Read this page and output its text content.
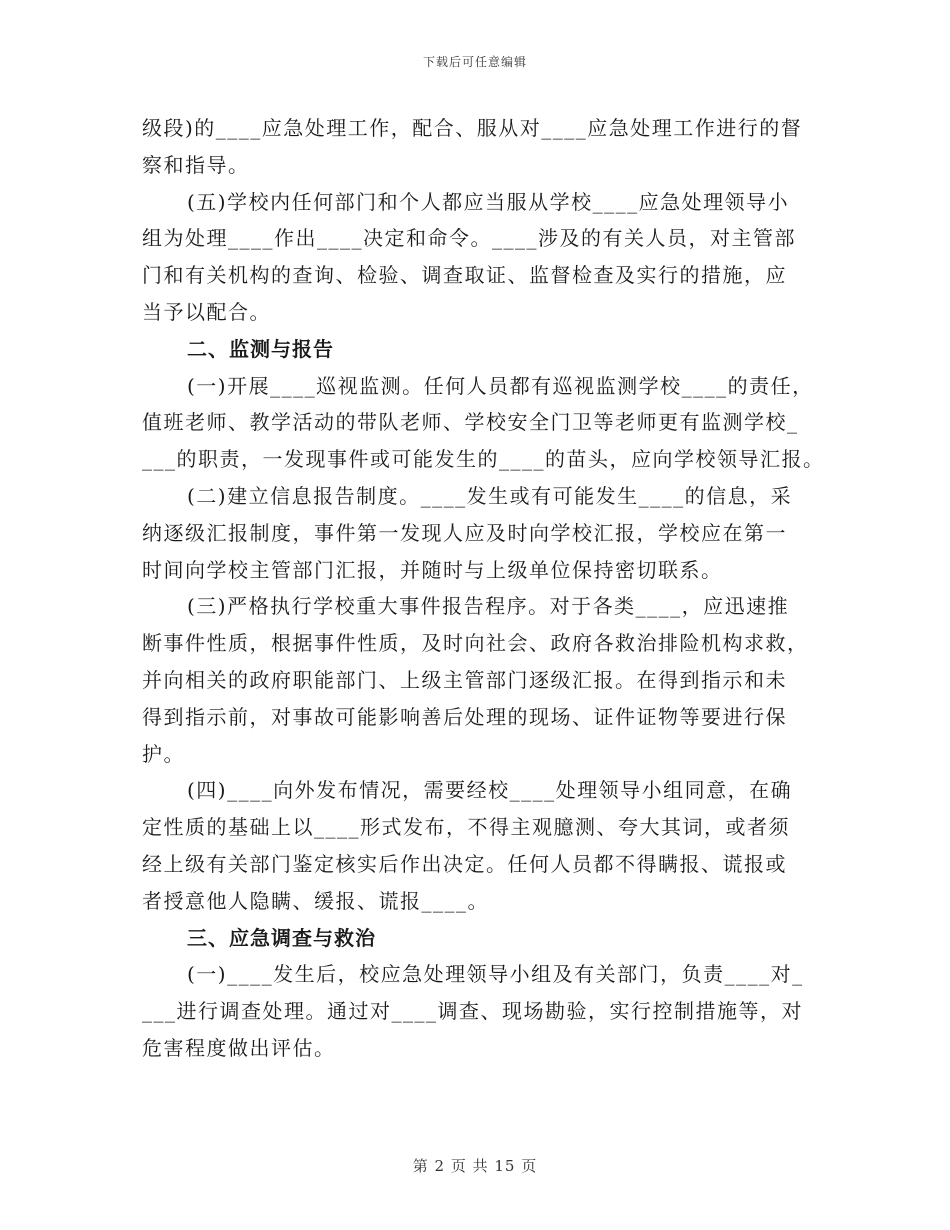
下载后可任意编辑
级段)的____应急处理工作，配合、服从对____应急处理工作进行的督
察和指导。
(五)学校内任何部门和个人都应当服从学校____应急处理领导小
组为处理____作出____决定和命令。____涉及的有关人员，对主管部
门和有关机构的查询、检验、调查取证、监督检查及实行的措施，应
当予以配合。
二、监测与报告
(一)开展____巡视监测。任何人员都有巡视监测学校____的责任，
值班老师、教学活动的带队老师、学校安全门卫等老师更有监测学校_
___的职责，一发现事件或可能发生的____的苗头，应向学校领导汇报。
(二)建立信息报告制度。____发生或有可能发生____的信息，采
纳逐级汇报制度，事件第一发现人应及时向学校汇报，学校应在第一
时间向学校主管部门汇报，并随时与上级单位保持密切联系。
(三)严格执行学校重大事件报告程序。对于各类____，应迅速推
断事件性质，根据事件性质，及时向社会、政府各救治排险机构求救，
并向相关的政府职能部门、上级主管部门逐级汇报。在得到指示和未
得到指示前，对事故可能影响善后处理的现场、证件证物等要进行保
护。
(四)____向外发布情况，需要经校____处理领导小组同意，在确
定性质的基础上以____形式发布，不得主观臆测、夸大其词，或者须
经上级有关部门鉴定核实后作出决定。任何人员都不得瞒报、谎报或
者授意他人隐瞒、缓报、谎报____。
三、应急调查与救治
(一)____发生后，校应急处理领导小组及有关部门，负责____对_
___进行调查处理。通过对____调查、现场勘验，实行控制措施等，对
危害程度做出评估。
第 2 页 共 15 页
